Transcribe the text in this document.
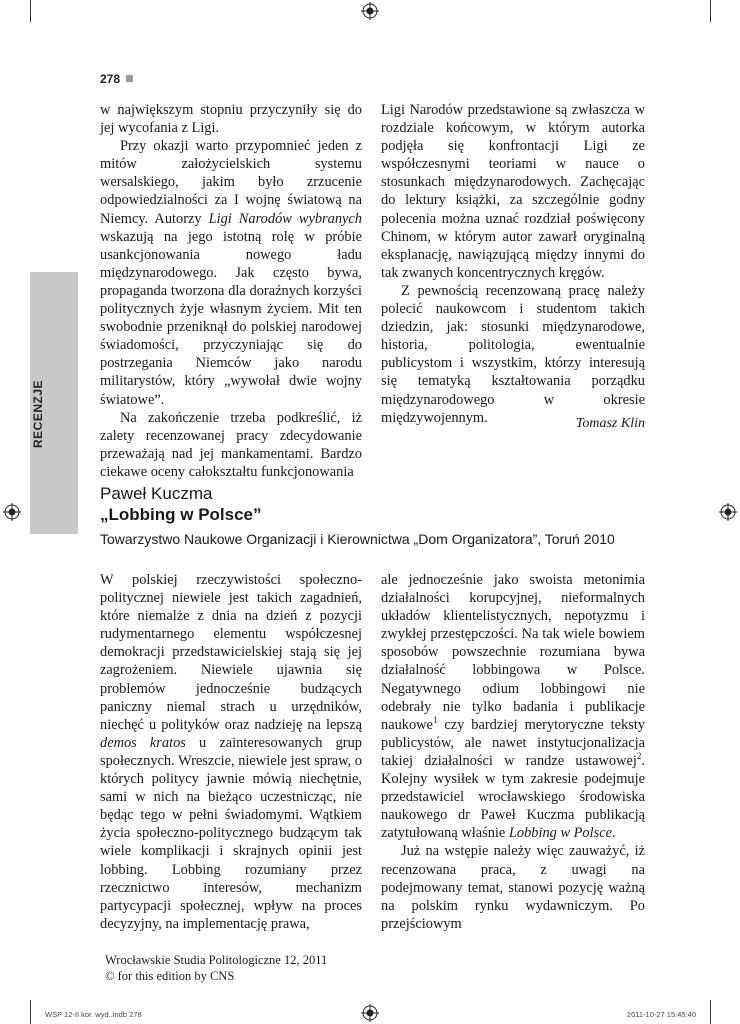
278
RECENZJE

w największym stopniu przyczyniły się do jej wycofania z Ligi.

Przy okazji warto przypomnieć jeden z mitów założycielskich systemu wersalskiego, jakim było zrzucenie odpowiedzialności za I wojnę światową na Niemcy. Autorzy Ligi Narodów wybranych wskazują na jego istotną rolę w próbie usankcjonowania nowego ładu międzynarodowego. Jak często bywa, propaganda tworzona dla doraźnych korzyści politycznych żyje własnym życiem. Mit ten swobodnie przeniknął do polskiej narodowej świadomości, przyczyniając się do postrzegania Niemców jako narodu militarystów, który „wywołał dwie wojny światowe”.

Na zakończenie trzeba podkreślić, iż zalety recenzowanej pracy zdecydowanie przeważają nad jej mankamentami. Bardzo ciekawe oceny całokształtu funkcjonowania

Ligi Narodów przedstawione są zwłaszcza w rozdziale końcowym, w którym autorka podjęła się konfrontacji Ligi ze współczesnymi teoriami w nauce o stosunkach międzynarodowych. Zachęcając do lektury książki, za szczególnie godny polecenia można uznać rozdział poświęcony Chinom, w którym autor zawarł oryginalną eksplanację, nawiązującą między innymi do tak zwanych koncentrycznych kręgów.

Z pewnością recenzowaną pracę należy polecić naukowcom i studentom takich dziedzin, jak: stosunki międzynarodowe, historia, politologia, ewentualnie publicystom i wszystkim, którzy interesują się tematyką kształtowania porządku międzynarodowego w okresie międzywojennym.	Tomasz Klin
Paweł Kuczma
„Lobbing w Polsce”
Towarzystwo Naukowe Organizacji i Kierownictwa „Dom Organizatora”, Toruń 2010

W polskiej rzeczywistości społeczno-politycznej niewiele jest takich zagadnień, które niemalże z dnia na dzień z pozycji rudymentarnego elementu współczesnej demokracji przedstawicielskiej stają się jej zagrożeniem. Niewiele ujawnia się problemów jednocześnie budzących paniczny niemal strach u urzędników, niechęć u polityków oraz nadzieję na lepszą demos kratos u zainteresowanych grup społecznych. Wreszcie, niewiele jest spraw, o których politycy jawnie mówią niechętnie, sami w nich na bieżąco uczestnicząc, nie będąc tego w pełni świadomymi. Wątkiem życia społeczno-politycznego budzącym tak wiele komplikacji i skrajnych opinii jest lobbing. Lobbing rozumiany przez rzecznictwo interesów, mechanizm partycypacji społecznej, wpływ na proces decyzyjny, na implementację prawa,

ale jednocześnie jako swoista metonimia działalności korupcyjnej, nieformalnych układów klientelistycznych, nepotyzmu i zwykłej przestępczości. Na tak wiele bowiem sposobów powszechnie rozumiana bywa działalność lobbingowa w Polsce. Negatywnego odium lobbingowi nie odebrały nie tylko badania i publikacje naukowe$^1$ czy bardziej merytoryczne teksty publicystów, ale nawet instytucjonalizacja takiej działalności w randze ustawowej$^2$. Kolejny wysiłek w tym zakresie podejmuje przedstawiciel wrocławskiego środowiska naukowego dr Paweł Kuczma publikacją zatytułowaną właśnie Lobbing w Polsce.

Już na wstępie należy więc zauważyć, iż recenzowana praca, z uwagi na podejmowany temat, stanowi pozycję ważną na polskim rynku wydawniczym. Po przejściowym

Wrocławskie Studia Politologiczne 12, 2011
© for this edition by CNS
WSP 12-II kor. wyd..indb 278	2011-10-27 15:45:40
